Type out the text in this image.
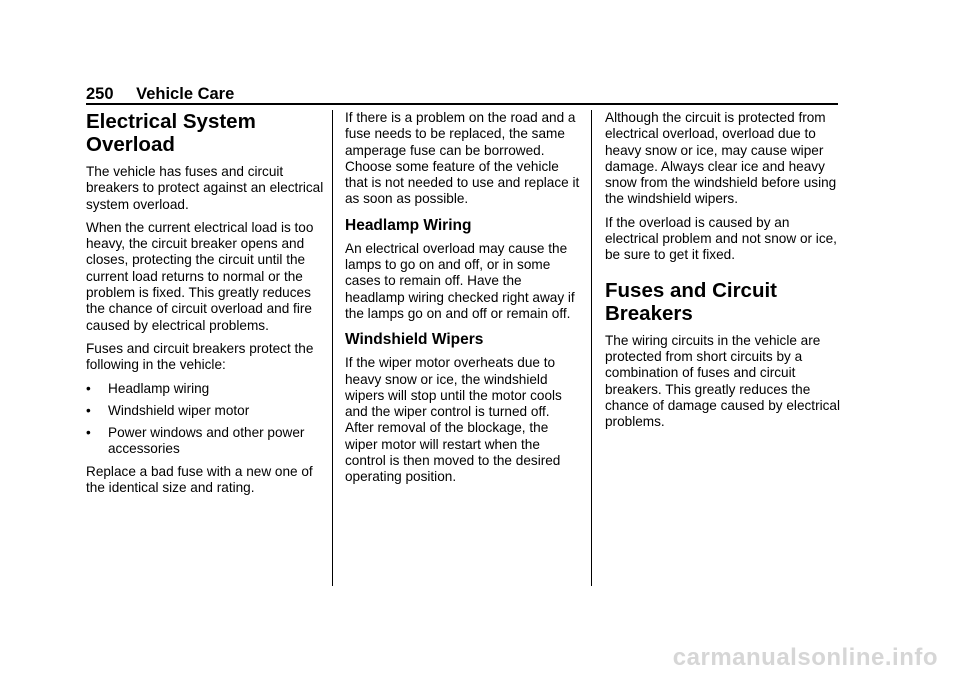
250 Vehicle Care
Electrical System Overload

The vehicle has fuses and circuit breakers to protect against an electrical system overload.

When the current electrical load is too heavy, the circuit breaker opens and closes, protecting the circuit until the current load returns to normal or the problem is fixed. This greatly reduces the chance of circuit overload and fire caused by electrical problems.

Fuses and circuit breakers protect the following in the vehicle:

• Headlamp wiring
• Windshield wiper motor
• Power windows and other power accessories

Replace a bad fuse with a new one of the identical size and rating.

If there is a problem on the road and a fuse needs to be replaced, the same amperage fuse can be borrowed. Choose some feature of the vehicle that is not needed to use and replace it as soon as possible.

Headlamp Wiring

An electrical overload may cause the lamps to go on and off, or in some cases to remain off. Have the headlamp wiring checked right away if the lamps go on and off or remain off.

Windshield Wipers

If the wiper motor overheats due to heavy snow or ice, the windshield wipers will stop until the motor cools and the wiper control is turned off. After removal of the blockage, the wiper motor will restart when the control is then moved to the desired operating position.

Although the circuit is protected from electrical overload, overload due to heavy snow or ice, may cause wiper damage. Always clear ice and heavy snow from the windshield before using the windshield wipers.

If the overload is caused by an electrical problem and not snow or ice, be sure to get it fixed.

Fuses and Circuit Breakers

The wiring circuits in the vehicle are protected from short circuits by a combination of fuses and circuit breakers. This greatly reduces the chance of damage caused by electrical problems.

carmanualsonline.info
